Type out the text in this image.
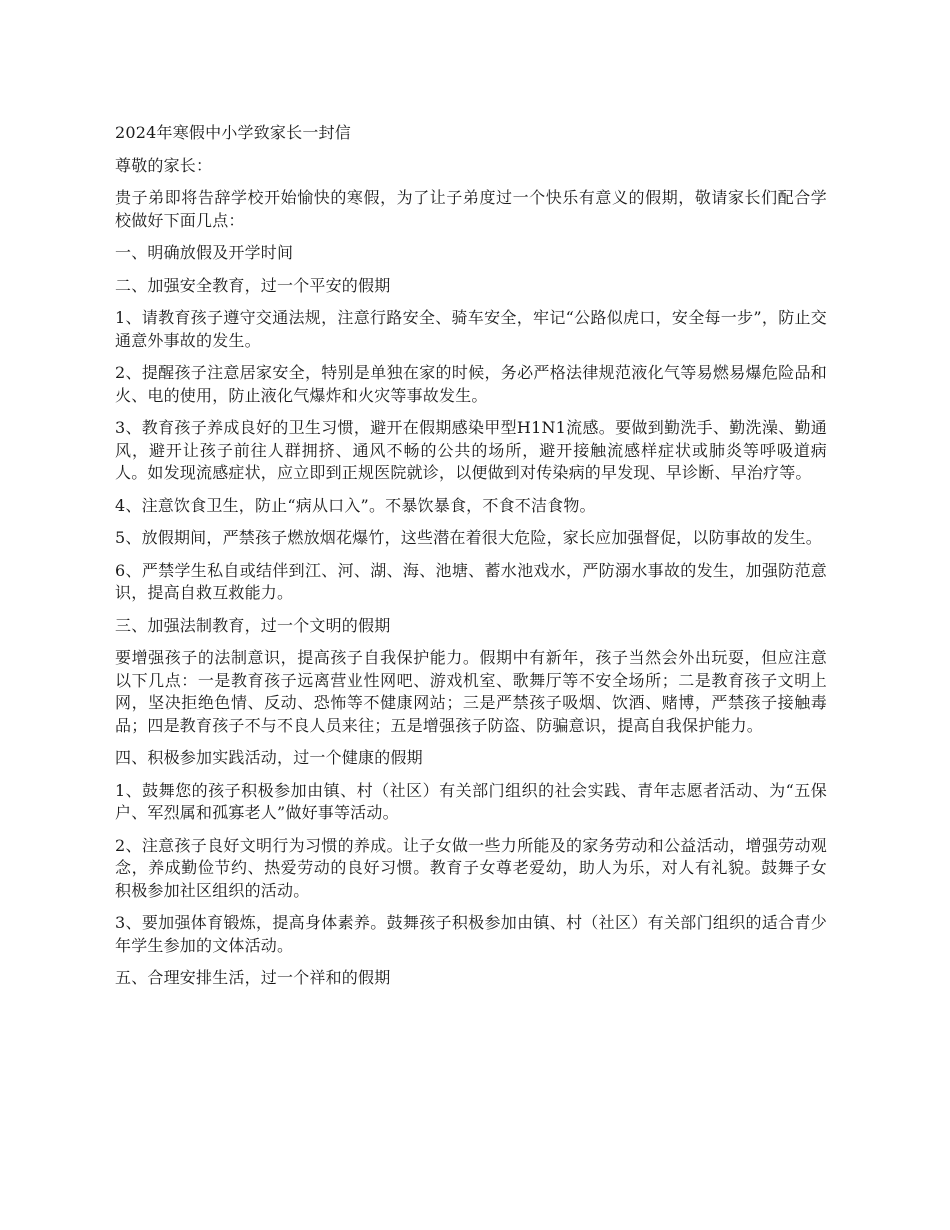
2024年寒假中小学致家长一封信

尊敬的家长：

贵子弟即将告辞学校开始愉快的寒假，为了让子弟度过一个快乐有意义的假期，敬请家长们配合学校做好下面几点：

一、明确放假及开学时间

二、加强安全教育，过一个平安的假期

1、请教育孩子遵守交通法规，注意行路安全、骑车安全，牢记“公路似虎口，安全每一步”，防止交通意外事故的发生。

2、提醒孩子注意居家安全，特别是单独在家的时候，务必严格法律规范液化气等易燃易爆危险品和火、电的使用，防止液化气爆炸和火灾等事故发生。

3、教育孩子养成良好的卫生习惯，避开在假期感染甲型H1N1流感。要做到勤洗手、勤洗澡、勤通风，避开让孩子前往人群拥挤、通风不畅的公共的场所，避开接触流感样症状或肺炎等呼吸道病人。如发现流感症状，应立即到正规医院就诊，以便做到对传染病的早发现、早诊断、早治疗等。

4、注意饮食卫生，防止“病从口入”。不暴饮暴食，不食不洁食物。

5、放假期间，严禁孩子燃放烟花爆竹，这些潜在着很大危险，家长应加强督促，以防事故的发生。

6、严禁学生私自或结伴到江、河、湖、海、池塘、蓄水池戏水，严防溺水事故的发生，加强防范意识，提高自救互救能力。

三、加强法制教育，过一个文明的假期

要增强孩子的法制意识，提高孩子自我保护能力。假期中有新年，孩子当然会外出玩耍，但应注意以下几点：一是教育孩子远离营业性网吧、游戏机室、歌舞厅等不安全场所；二是教育孩子文明上网，坚决拒绝色情、反动、恐怖等不健康网站；三是严禁孩子吸烟、饮酒、赌博，严禁孩子接触毒品；四是教育孩子不与不良人员来往；五是增强孩子防盗、防骗意识，提高自我保护能力。

四、积极参加实践活动，过一个健康的假期

1、鼓舞您的孩子积极参加由镇、村（社区）有关部门组织的社会实践、青年志愿者活动、为“五保户、军烈属和孤寡老人”做好事等活动。

2、注意孩子良好文明行为习惯的养成。让子女做一些力所能及的家务劳动和公益活动，增强劳动观念，养成勤俭节约、热爱劳动的良好习惯。教育子女尊老爱幼，助人为乐，对人有礼貌。鼓舞子女积极参加社区组织的活动。

3、要加强体育锻炼，提高身体素养。鼓舞孩子积极参加由镇、村（社区）有关部门组织的适合青少年学生参加的文体活动。

五、合理安排生活，过一个祥和的假期
